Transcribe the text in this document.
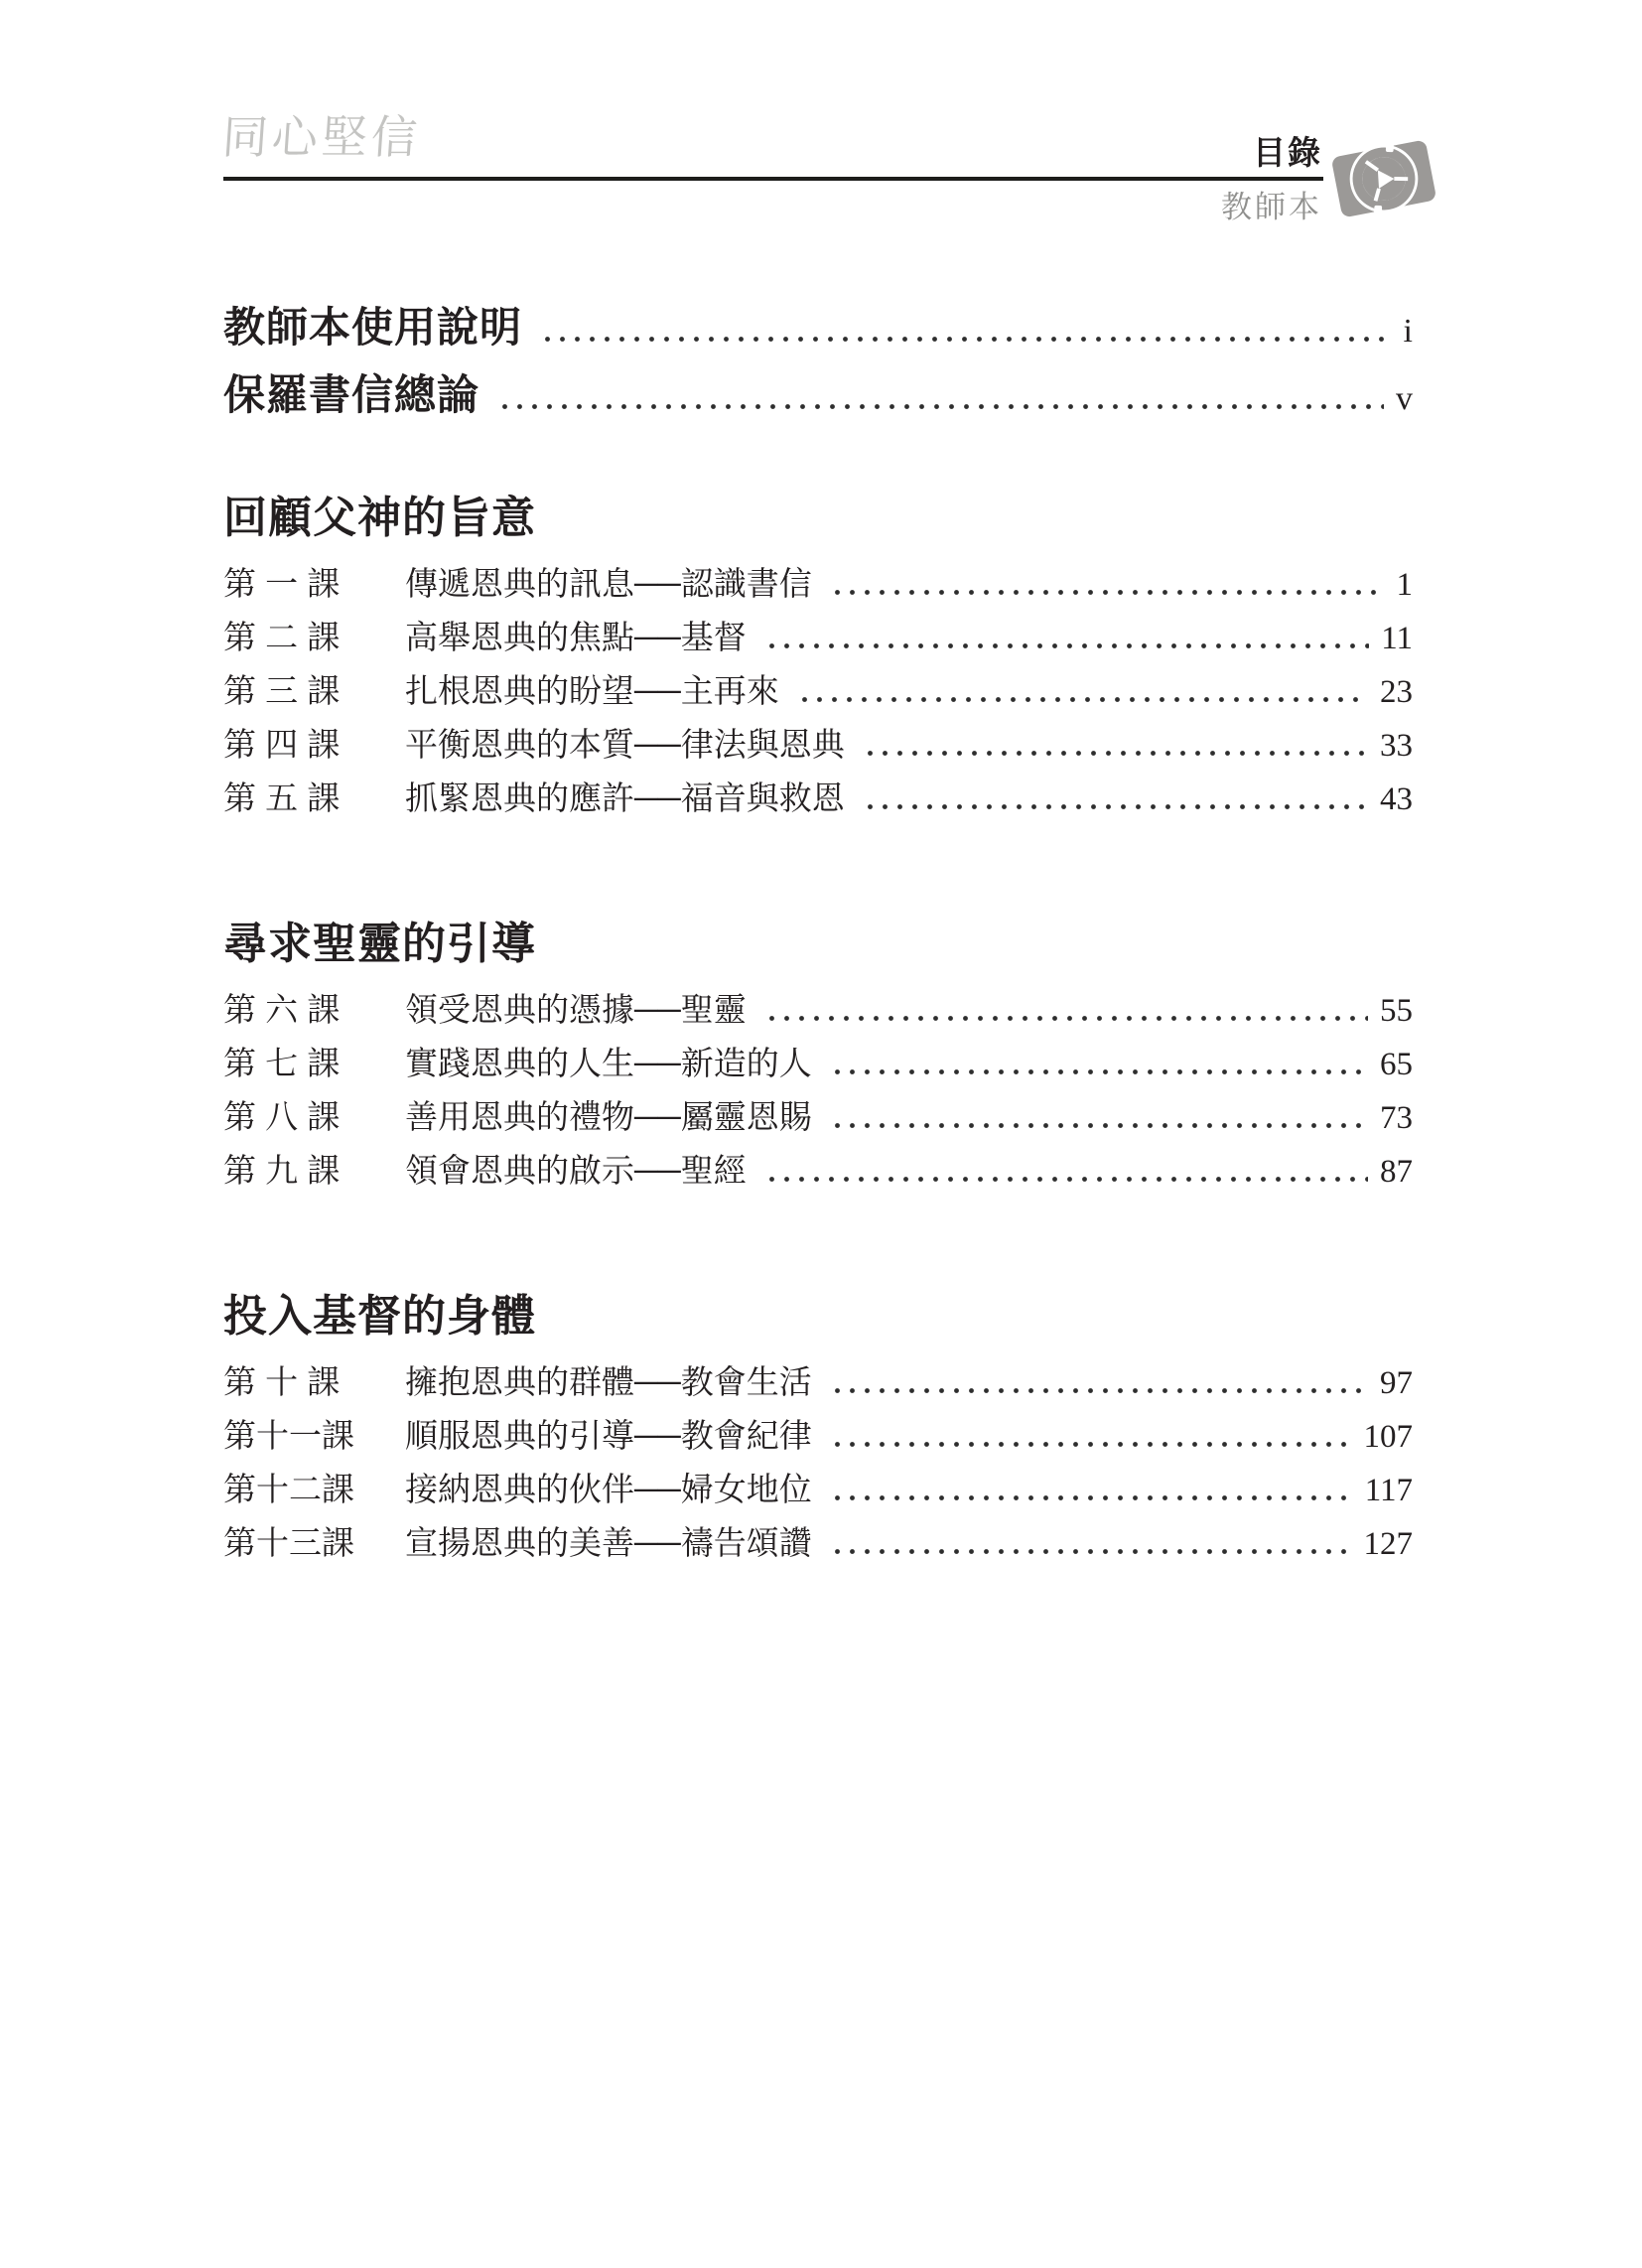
同心堅信	目錄
教師本
教師本使用說明	i
保羅書信總論	v
回顧父神的旨意
第 一 課	傳遞恩典的訊息──認識書信	1
第 二 課	高舉恩典的焦點──基督	11
第 三 課	扎根恩典的盼望──主再來	23
第 四 課	平衡恩典的本質──律法與恩典	33
第 五 課	抓緊恩典的應許──福音與救恩	43
尋求聖靈的引導
第 六 課	領受恩典的憑據──聖靈	55
第 七 課	實踐恩典的人生──新造的人	65
第 八 課	善用恩典的禮物──屬靈恩賜	73
第 九 課	領會恩典的啟示──聖經	87
投入基督的身體
第 十 課	擁抱恩典的群體──教會生活	97
第十一課	順服恩典的引導──教會紀律	107
第十二課	接納恩典的伙伴──婦女地位	117
第十三課	宣揚恩典的美善──禱告頌讚	127
